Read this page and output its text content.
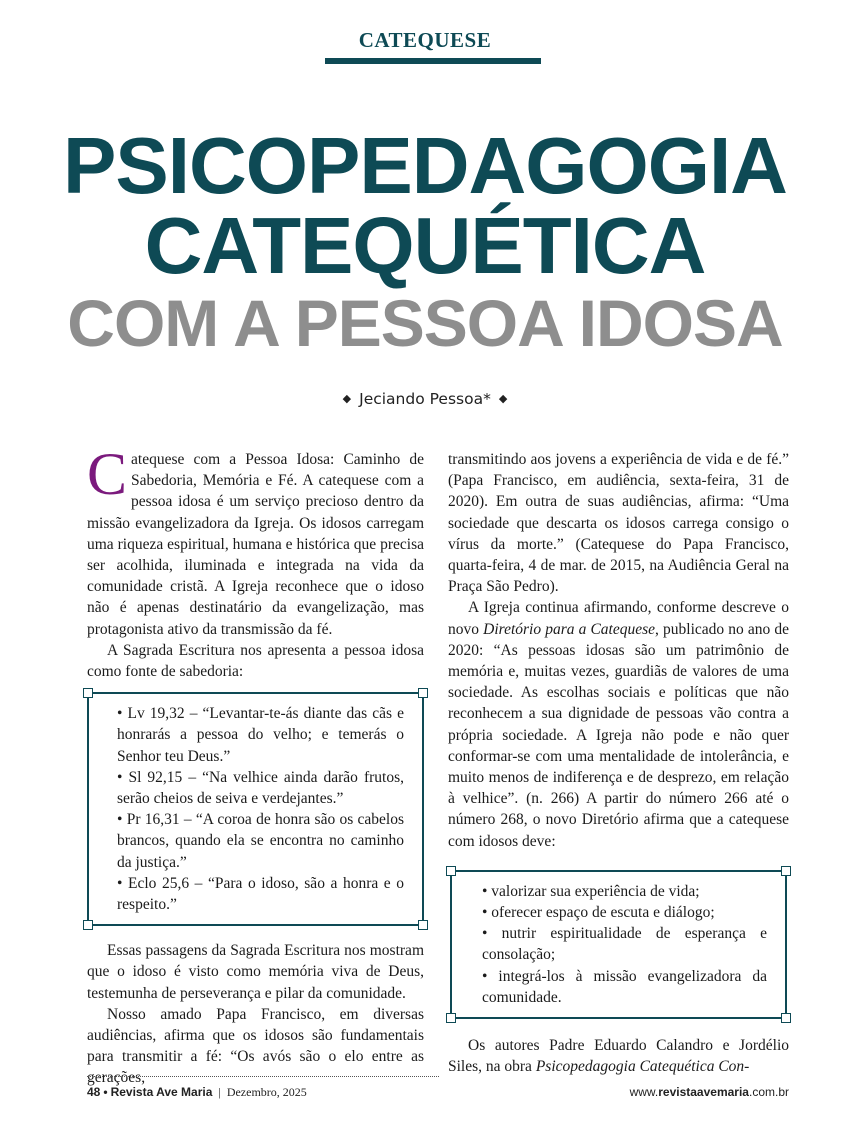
CATEQUESE
PSICOPEDAGOGIA
CATEQUÉTICA
COM A PESSOA IDOSA
◆ Jeciando Pessoa* ◆

Catequese com a Pessoa Idosa: Caminho de Sabedoria, Memória e Fé. A catequese com a pessoa idosa é um serviço precioso dentro da missão evangelizadora da Igreja. Os idosos carregam uma riqueza espiritual, humana e histórica que precisa ser acolhida, iluminada e integrada na vida da comunidade cristã. A Igreja reconhece que o idoso não é apenas destinatário da evangelização, mas protagonista ativo da transmissão da fé.

A Sagrada Escritura nos apresenta a pessoa idosa como fonte de sabedoria:

• Lv 19,32 – “Levantar-te-ás diante das cãs e honrarás a pessoa do velho; e temerás o Senhor teu Deus.”

• Sl 92,15 – “Na velhice ainda darão frutos, serão cheios de seiva e verdejantes.”

• Pr 16,31 – “A coroa de honra são os cabelos brancos, quando ela se encontra no caminho da justiça.”

• Eclo 25,6 – “Para o idoso, são a honra e o respeito.”

Essas passagens da Sagrada Escritura nos mostram que o idoso é visto como memória viva de Deus, testemunha de perseverança e pilar da comunidade.

Nosso amado Papa Francisco, em diversas audiências, afirma que os idosos são fundamentais para transmitir a fé: “Os avós são o elo entre as gerações,

transmitindo aos jovens a experiência de vida e de fé.” (Papa Francisco, em audiência, sexta-feira, 31 de 2020). Em outra de suas audiências, afirma: “Uma sociedade que descarta os idosos carrega consigo o vírus da morte.” (Catequese do Papa Francisco, quarta-feira, 4 de mar. de 2015, na Audiência Geral na Praça São Pedro).

A Igreja continua afirmando, conforme descreve o novo Diretório para a Catequese, publicado no ano de 2020: “As pessoas idosas são um patrimônio de memória e, muitas vezes, guardiãs de valores de uma sociedade. As escolhas sociais e políticas que não reconhecem a sua dignidade de pessoas vão contra a própria sociedade. A Igreja não pode e não quer conformar-se com uma mentalidade de intolerância, e muito menos de indiferença e de desprezo, em relação à velhice”. (n. 266) A partir do número 266 até o número 268, o novo Diretório afirma que a catequese com idosos deve:

• valorizar sua experiência de vida;

• oferecer espaço de escuta e diálogo;

• nutrir espiritualidade de esperança e consolação;

• integrá-los à missão evangelizadora da comunidade.

Os autores Padre Eduardo Calandro e Jordélio Siles, na obra Psicopedagogia Catequética Con-

48 • Revista Ave Maria | Dezembro, 2025	www.revistaavemaria.com.br
